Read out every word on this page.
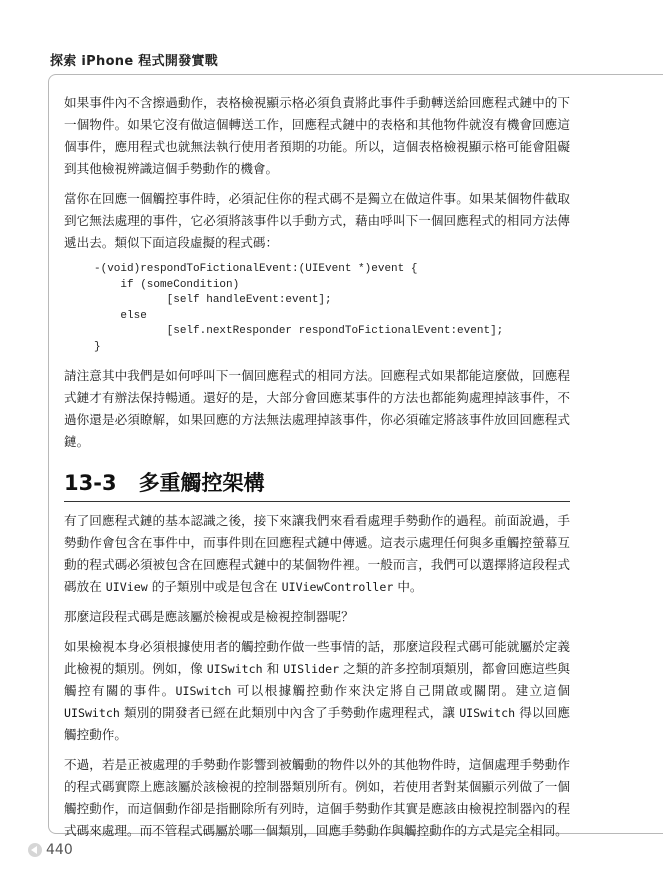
探索 iPhone 程式開發實戰

如果事件內不含擦過動作，表格檢視顯示格必須負責將此事件手動轉送給回應程式鏈中的下一個物件。如果它沒有做這個轉送工作，回應程式鏈中的表格和其他物件就沒有機會回應這個事件，應用程式也就無法執行使用者預期的功能。所以，這個表格檢視顯示格可能會阻礙到其他檢視辨識這個手勢動作的機會。

當你在回應一個觸控事件時，必須記住你的程式碼不是獨立在做這件事。如果某個物件截取到它無法處理的事件，它必須將該事件以手動方式，藉由呼叫下一個回應程式的相同方法傳遞出去。類似下面這段虛擬的程式碼：

-(void)respondToFictionalEvent:(UIEvent *)event {
if (someCondition)
[self handleEvent:event];
else
[self.nextResponder respondToFictionalEvent:event];
}

請注意其中我們是如何呼叫下一個回應程式的相同方法。回應程式如果都能這麼做，回應程式鏈才有辦法保持暢通。還好的是，大部分會回應某事件的方法也都能夠處理掉該事件，不過你還是必須瞭解，如果回應的方法無法處理掉該事件，你必須確定將該事件放回回應程式鏈。

13-3 多重觸控架構

有了回應程式鏈的基本認識之後，接下來讓我們來看看處理手勢動作的過程。前面說過，手勢動作會包含在事件中，而事件則在回應程式鏈中傳遞。這表示處理任何與多重觸控螢幕互動的程式碼必須被包含在回應程式鏈中的某個物件裡。一般而言，我們可以選擇將這段程式碼放在 UIView 的子類別中或是包含在 UIViewController 中。

那麼這段程式碼是應該屬於檢視或是檢視控制器呢？

如果檢視本身必須根據使用者的觸控動作做一些事情的話，那麼這段程式碼可能就屬於定義此檢視的類別。例如，像 UISwitch 和 UISlider 之類的許多控制項類別，都會回應這些與觸控有關的事件。UISwitch 可以根據觸控動作來決定將自己開啟或關閉。建立這個 UISwitch 類別的開發者已經在此類別中內含了手勢動作處理程式，讓 UISwitch 得以回應觸控動作。

不過，若是正被處理的手勢動作影響到被觸動的物件以外的其他物件時，這個處理手勢動作的程式碼實際上應該屬於該檢視的控制器類別所有。例如，若使用者對某個顯示列做了一個觸控動作，而這個動作卻是指刪除所有列時，這個手勢動作其實是應該由檢視控制器內的程式碼來處理。而不管程式碼屬於哪一個類別，回應手勢動作與觸控動作的方式是完全相同。

440
